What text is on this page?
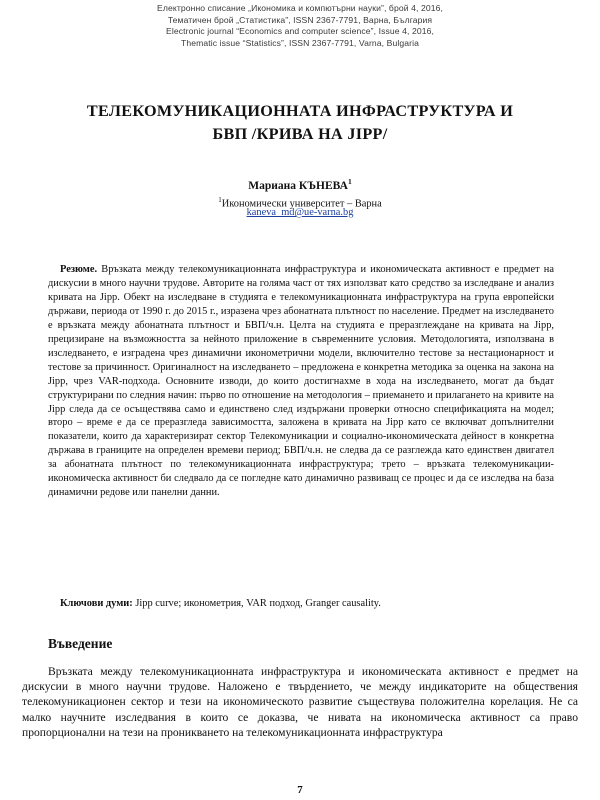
Електронно списание „Икономика и компютърни науки”, брой 4, 2016,
Тематичен брой „Статистика”, ISSN 2367-7791, Варна, България
Electronic journal “Economics and computer science”, Issue 4, 2016,
Thematic issue “Statistics”, ISSN 2367-7791, Varna, Bulgaria
ТЕЛЕКОМУНИКАЦИОННАТА ИНФРАСТРУКТУРА И
БВП /КРИВА НА JIPP/
Мариана КЪНЕВА$^1$
$^1$Икономически университет – Варна
kaneva_md@ue-varna.bg
Резюме. Връзката между телекомуникационната инфраструктура и икономическата активност е предмет на дискусии в много научни трудове. Авторите на голяма част от тях използват като средство за изследване и анализ кривата на Jipp. Обект на изследване в студията е телекомуникационната инфраструктура на група европейски държави, периода от 1990 г. до 2015 г., изразена чрез абонатната плътност по население. Предмет на изследването е връзката между абонатната плътност и БВП/ч.н. Целта на студията е преразглеждане на кривата на Jipp, прецизиране на възможността за нейното приложение в съвременните условия. Методологията, използвана в изследването, е изградена чрез динамични иконометрични модели, включително тестове за нестационарност и тестове за причинност. Оригиналност на изследването – предложена е конкретна методика за оценка на закона на Jipp, чрез VAR-подхода. Основните изводи, до които достигнахме в хода на изследването, могат да бъдат структурирани по следния начин: първо по отношение на методология – приемането и прилагането на кривите на Jipp следа да се осъществява само и единствено след издържани проверки относно спецификацията на модел; второ – време е да се преразгледа зависимостта, заложена в кривата на Jipp като се включват допълнителни показатели, които да характеризират сектор Телекомуникации и социално-икономическата дейност в конкретна държава в границите на определен времеви период; БВП/ч.н. не следва да се разглежда като единствен двигател за абонатната плътност по телекомуникационната инфраструктура; трето – връзката телекомуникации-икономическа активност би следвало да се погледне като динамично развиващ се процес и да се изследва на база динамични редове или панелни данни.
Ключови думи: Jipp curve; иконометрия, VAR подход, Granger causality.
Въведение
Връзката между телекомуникационната инфраструктура и икономическата активност е предмет на дискусии в много научни трудове. Наложено е твърдението, че между индикаторите на обществения телекомуникационен сектор и тези на икономическото развитие съществува положителна корелация. Не са малко научните изследвания в които се доказва, че нивата на икономическа активност са право пропорционални на тези на проникването на телекомуникационната инфраструктура
7
